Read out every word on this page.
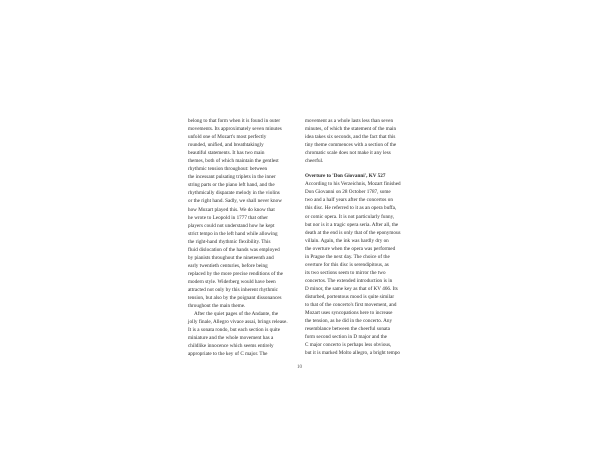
belong to that form when it is found in outer
movements. Its approximately seven minutes
unfold one of Mozart's most perfectly
rounded, unified, and breathtakingly
beautiful statements. It has two main
themes, both of which maintain the gentlest
rhythmic tension throughout: between
the incessant pulsating triplets in the inner
string parts or the piano left hand, and the
rhythmically disparate melody in the violins
or the right hand. Sadly, we shall never know
how Mozart played this. We do know that
he wrote to Leopold in 1777 that other
players could not understand how he kept
strict tempo in the left hand while allowing
the right-hand rhythmic flexibility. This
fluid dislocation of the hands was employed
by pianists throughout the nineteenth and
early twentieth centuries, before being
replaced by the more precise renditions of the
modern style. Widerberg would have been
attracted not only by this inherent rhythmic
tension, but also by the poignant dissonances
throughout the main theme.
After the quiet pages of the Andante, the
jolly finale, Allegro vivace assai, brings release.
It is a sonata rondo, but each section is quite
miniature and the whole movement has a
childlike innocence which seems entirely
appropriate to the key of C major. The
movement as a whole lasts less than seven
minutes, of which the statement of the main
idea takes six seconds, and the fact that this
tiny theme commences with a section of the
chromatic scale does not make it any less
cheerful.
Overture to 'Don Giovanni', KV 527
According to his Verzeichnis, Mozart finished
Don Giovanni on 28 October 1787, some
two and a half years after the concertos on
this disc. He referred to it as an opera buffa,
or comic opera. It is not particularly funny,
but nor is it a tragic opera seria. After all, the
death at the end is only that of the eponymous
villain. Again, the ink was hardly dry on
the overture when the opera was performed
in Prague the next day. The choice of the
overture for this disc is serendipitous, as
its two sections seem to mirror the two
concertos. The extended introduction is in
D minor, the same key as that of KV 466. Its
disturbed, portentous mood is quite similar
to that of the concerto's first movement, and
Mozart uses syncopations here to increase
the tension, as he did in the concerto. Any
resemblance between the cheerful sonata
form second section in D major and the
C major concerto is perhaps less obvious,
but it is marked Molto allegro, a bright tempo
10
